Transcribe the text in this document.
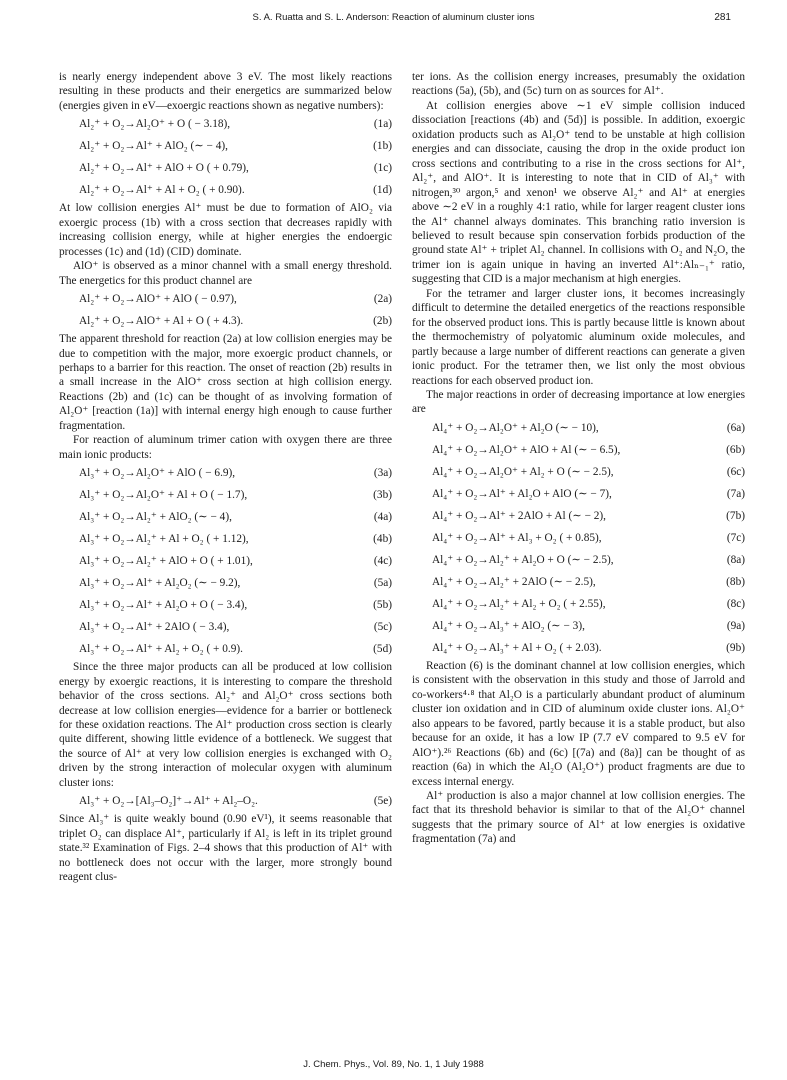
S. A. Ruatta and S. L. Anderson: Reaction of aluminum cluster ions	281

is nearly energy independent above 3 eV. The most likely reactions resulting in these products and their energetics are summarized below (energies given in eV—exoergic reactions shown as negative numbers):

Al₂⁺ + O₂→Al₂O⁺ + O ( − 3.18),	(1a)
Al₂⁺ + O₂→Al⁺ + AlO₂ (∼ − 4),	(1b)
Al₂⁺ + O₂→Al⁺ + AlO + O ( + 0.79),	(1c)
Al₂⁺ + O₂→Al⁺ + Al + O₂ ( + 0.90).	(1d)

At low collision energies Al⁺ must be due to formation of AlO₂ via exoergic process (1b) with a cross section that decreases rapidly with increasing collision energy, while at higher energies the endoergic processes (1c) and (1d) (CID) dominate.

AlO⁺ is observed as a minor channel with a small energy threshold. The energetics for this product channel are

Al₂⁺ + O₂→AlO⁺ + AlO ( − 0.97),	(2a)
Al₂⁺ + O₂→AlO⁺ + Al + O ( + 4.3).	(2b)

The apparent threshold for reaction (2a) at low collision energies may be due to competition with the major, more exoergic product channels, or perhaps to a barrier for this reaction. The onset of reaction (2b) results in a small increase in the AlO⁺ cross section at high collision energy. Reactions (2b) and (1c) can be thought of as involving formation of Al₂O⁺ [reaction (1a)] with internal energy high enough to cause further fragmentation.

For reaction of aluminum trimer cation with oxygen there are three main ionic products:

Al₃⁺ + O₂→Al₂O⁺ + AlO ( − 6.9),	(3a)
Al₃⁺ + O₂→Al₂O⁺ + Al + O ( − 1.7),	(3b)
Al₃⁺ + O₂→Al₂⁺ + AlO₂ (∼ − 4),	(4a)
Al₃⁺ + O₂→Al₂⁺ + Al + O₂ ( + 1.12),	(4b)
Al₃⁺ + O₂→Al₂⁺ + AlO + O ( + 1.01),	(4c)
Al₃⁺ + O₂→Al⁺ + Al₂O₂ (∼ − 9.2),	(5a)
Al₃⁺ + O₂→Al⁺ + Al₂O + O ( − 3.4),	(5b)
Al₃⁺ + O₂→Al⁺ + 2AlO ( − 3.4),	(5c)
Al₃⁺ + O₂→Al⁺ + Al₂ + O₂ ( + 0.9).	(5d)

Since the three major products can all be produced at low collision energy by exoergic reactions, it is interesting to compare the threshold behavior of the cross sections. Al₂⁺ and Al₂O⁺ cross sections both decrease at low collision energies—evidence for a barrier or bottleneck for these oxidation reactions. The Al⁺ production cross section is clearly quite different, showing little evidence of a bottleneck. We suggest that the source of Al⁺ at very low collision energies is exchanged with O₂ driven by the strong interaction of molecular oxygen with aluminum cluster ions:

Al₃⁺ + O₂→[Al₃–O₂]⁺→Al⁺ + Al₂–O₂.	(5e)

Since Al₃⁺ is quite weakly bound (0.90 eV¹), it seems reasonable that triplet O₂ can displace Al⁺, particularly if Al₂ is left in its triplet ground state.³² Examination of Figs. 2–4 shows that this production of Al⁺ with no bottleneck does not occur with the larger, more strongly bound reagent clus-

ter ions. As the collision energy increases, presumably the oxidation reactions (5a), (5b), and (5c) turn on as sources for Al⁺.

At collision energies above ∼1 eV simple collision induced dissociation [reactions (4b) and (5d)] is possible. In addition, exoergic oxidation products such as Al₂O⁺ tend to be unstable at high collision energies and can dissociate, causing the drop in the oxide product ion cross sections and contributing to a rise in the cross sections for Al⁺, Al₂⁺, and AlO⁺. It is interesting to note that in CID of Al₃⁺ with nitrogen,³⁰ argon,⁵ and xenon¹ we observe Al₂⁺ and Al⁺ at energies above ∼2 eV in a roughly 4:1 ratio, while for larger reagent cluster ions the Al⁺ channel always dominates. This branching ratio inversion is believed to result because spin conservation forbids production of the ground state Al⁺ + triplet Al₂ channel. In collisions with O₂ and N₂O, the trimer ion is again unique in having an inverted Al⁺:Alₙ₋₁⁺ ratio, suggesting that CID is a major mechanism at high energies.

For the tetramer and larger cluster ions, it becomes increasingly difficult to determine the detailed energetics of the reactions responsible for the observed product ions. This is partly because little is known about the thermochemistry of polyatomic aluminum oxide molecules, and partly because a large number of different reactions can generate a given ionic product. For the tetramer then, we list only the most obvious reactions for each observed product ion.

The major reactions in order of decreasing importance at low energies are

Al₄⁺ + O₂→Al₂O⁺ + Al₂O (∼ − 10),	(6a)
Al₄⁺ + O₂→Al₂O⁺ + AlO + Al (∼ − 6.5),	(6b)
Al₄⁺ + O₂→Al₂O⁺ + Al₂ + O (∼ − 2.5),	(6c)
Al₄⁺ + O₂→Al⁺ + Al₂O + AlO (∼ − 7),	(7a)
Al₄⁺ + O₂→Al⁺ + 2AlO + Al (∼ − 2),	(7b)
Al₄⁺ + O₂→Al⁺ + Al₃ + O₂ ( + 0.85),	(7c)
Al₄⁺ + O₂→Al₂⁺ + Al₂O + O (∼ − 2.5),	(8a)
Al₄⁺ + O₂→Al₂⁺ + 2AlO (∼ − 2.5),	(8b)
Al₄⁺ + O₂→Al₂⁺ + Al₂ + O₂ ( + 2.55),	(8c)
Al₄⁺ + O₂→Al₃⁺ + AlO₂ (∼ − 3),	(9a)
Al₄⁺ + O₂→Al₃⁺ + Al + O₂ ( + 2.03).	(9b)

Reaction (6) is the dominant channel at low collision energies, which is consistent with the observation in this study and those of Jarrold and co-workers⁴·⁸ that Al₂O is a particularly abundant product of aluminum cluster ion oxidation and in CID of aluminum oxide cluster ions. Al₂O⁺ also appears to be favored, partly because it is a stable product, but also because for an oxide, it has a low IP (7.7 eV compared to 9.5 eV for AlO⁺).²⁶ Reactions (6b) and (6c) [(7a) and (8a)] can be thought of as reaction (6a) in which the Al₂O (Al₂O⁺) product fragments are due to excess internal energy.

Al⁺ production is also a major channel at low collision energies. The fact that its threshold behavior is similar to that of the Al₂O⁺ channel suggests that the primary source of Al⁺ at low energies is oxidative fragmentation (7a) and

J. Chem. Phys., Vol. 89, No. 1, 1 July 1988
